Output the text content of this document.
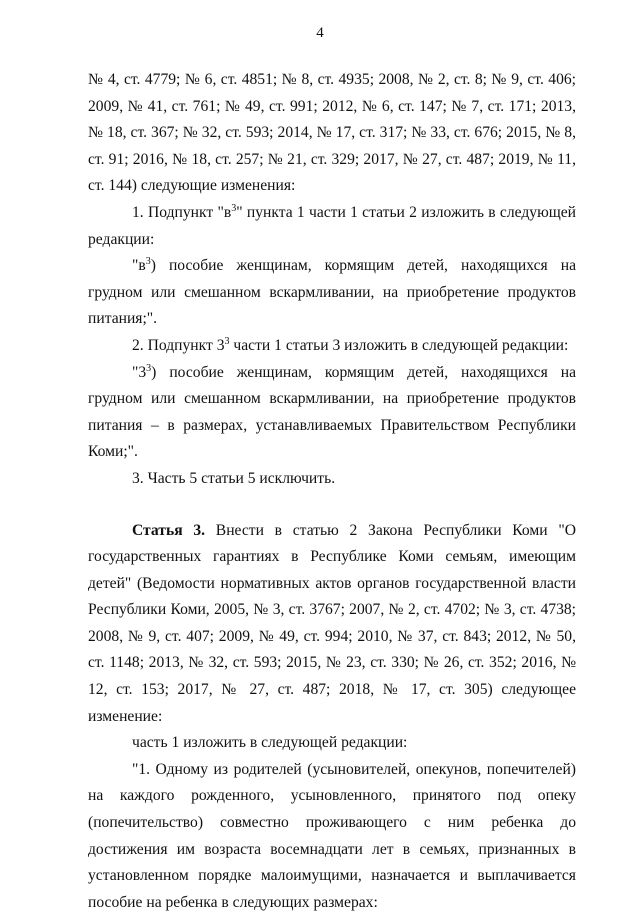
4

№ 4, ст. 4779; № 6, ст. 4851; № 8, ст. 4935; 2008, № 2, ст. 8; № 9, ст. 406; 2009, № 41, ст. 761; № 49, ст. 991; 2012, № 6, ст. 147; № 7, ст. 171; 2013, № 18, ст. 367; № 32, ст. 593; 2014, № 17, ст. 317; № 33, ст. 676; 2015, № 8, ст. 91; 2016, № 18, ст. 257; № 21, ст. 329; 2017, № 27, ст. 487; 2019, № 11, ст. 144) следующие изменения:

1. Подпункт "$в^3$" пункта 1 части 1 статьи 2 изложить в следующей редакции:

"$в^3$) пособие женщинам, кормящим детей, находящихся на грудном или смешанном вскармливании, на приобретение продуктов питания;".

2. Подпункт $3^3$ части 1 статьи 3 изложить в следующей редакции:

"$3^3$) пособие женщинам, кормящим детей, находящихся на грудном или смешанном вскармливании, на приобретение продуктов питания – в размерах, устанавливаемых Правительством Республики Коми;".

3. Часть 5 статьи 5 исключить.

Статья 3. Внести в статью 2 Закона Республики Коми "О государственных гарантиях в Республике Коми семьям, имеющим детей" (Ведомости нормативных актов органов государственной власти Республики Коми, 2005, № 3, ст. 3767; 2007, № 2, ст. 4702; № 3, ст. 4738; 2008, № 9, ст. 407; 2009, № 49, ст. 994; 2010, № 37, ст. 843; 2012, № 50, ст. 1148; 2013, № 32, ст. 593; 2015, № 23, ст. 330; № 26, ст. 352; 2016, № 12, ст. 153; 2017, № 27, ст. 487; 2018, № 17, ст. 305) следующее изменение:

часть 1 изложить в следующей редакции:

"1. Одному из родителей (усыновителей, опекунов, попечителей) на каждого рожденного, усыновленного, принятого под опеку (попечительство) совместно проживающего с ним ребенка до достижения им возраста восемнадцати лет в семьях, признанных в установленном порядке малоимущими, назначается и выплачивается пособие на ребенка в следующих размерах:
